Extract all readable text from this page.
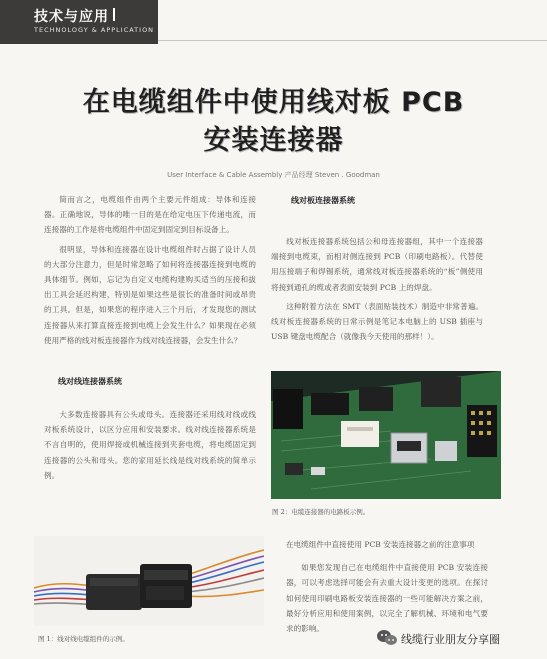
技术与应用
TECHNOLOGY & APPLICATION
在电缆组件中使用线对板 PCB
安装连接器
User Interface & Cable Assembly 产品经理 Steven . Goodman

简而言之，电缆组件由两个主要元件组成：导体和连接器。正确地说，导体的唯一目的是在给定电压下传递电流，而连接器的工作是将电缆组件中固定到固定到目标设备上。

很明显，导体和连接器在设计电缆组件时占据了设计人员的大部分注意力，但是时常忽略了如何将连接器连接到电缆的具体细节。例如，忘记为自定义电缆构建购买适当的压接和拔出工具会延迟构建，特别是如果这些是很长的准备时间或昂贵的工具。但是，如果您的程序进入三个月后，才发现您的测试连接器从来打算直接连接到电缆上会发生什么？如果现在必须使用严格的线对板连接器作为线对线连接器，会发生什么？

线对线连接器系统

大多数连接器具有公头或母头。连接器还采用线对线或线对板系统设计，以区分应用和安装要求。线对线连接器系统是不言自明的，使用焊接或机械连接到夹套电缆，将电缆固定到连接器的公头和母头。您的家用延长线是线对线系统的简单示例。

图 1：线对线电缆组件的示例。
线对板连接器系统

线对板连接器系统包括公和母连接器组，其中一个连接器端接到电缆束，而相对侧连接到 PCB（印刷电路板）。代替使用压接端子和焊锡系统，通常线对板连接器系统的“板”侧使用将接到通孔的缆或者表面安装到 PCB 上的焊盘。

这种附着方法在 SMT（表面贴装技术）制造中非常普遍。线对板连接器系统的日常示例是笔记本电脑上的 USB 插座与 USB 键盘电缆配合（就像我今天使用的那样！）。

图 2：电缆连接器的电路板示例。

在电缆组件中直接使用 PCB 安装连接器之前的注意事项

如果您发现自己在电缆组件中直接使用 PCB 安装连接器，可以考虑选择可能会有去重大设计变更的选项。在探讨如何使用印刷电路板安装连接器的一些可能解决方案之前，最好分析应用和使用案例，以完全了解机械、环境和电气要求的影响。

线缆行业朋友分享圈
